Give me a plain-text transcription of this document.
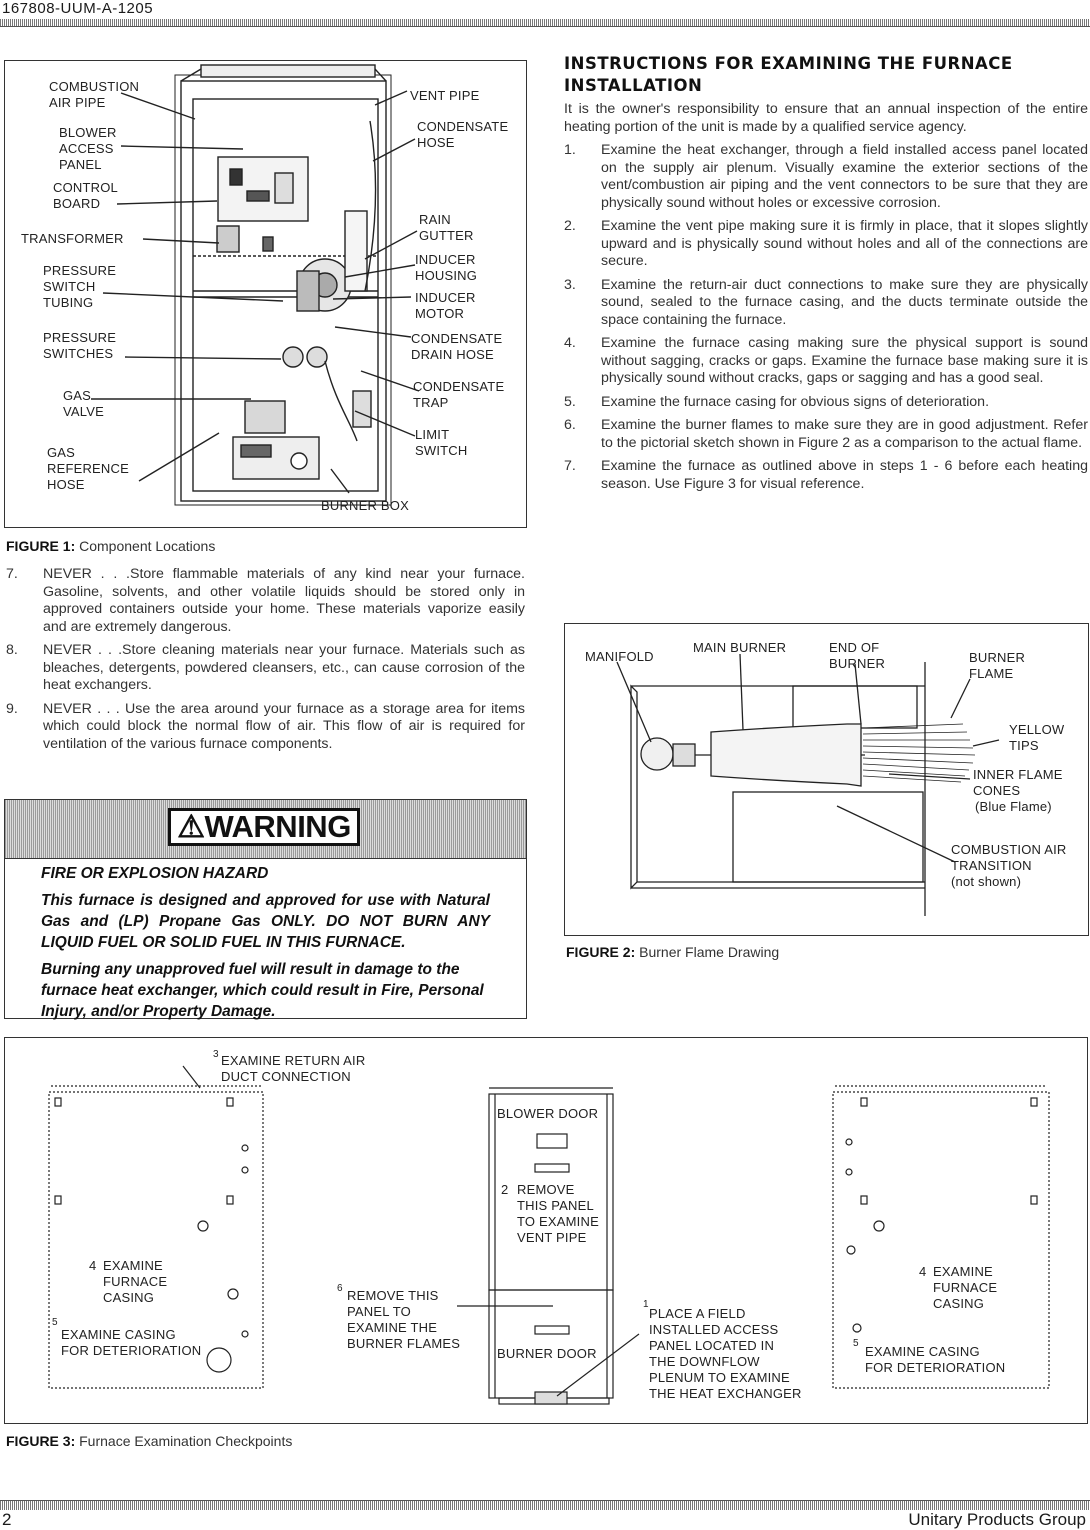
167808-UUM-A-1205
2	Unitary Products Group
COMBUSTION
AIR PIPE
BLOWER
ACCESS
PANEL
CONTROL
BOARD
TRANSFORMER
PRESSURE
SWITCH
TUBING
PRESSURE
SWITCHES
GAS
VALVE
GAS
REFERENCE
HOSE
VENT PIPE
CONDENSATE
HOSE
RAIN
GUTTER
INDUCER
HOUSING
INDUCER
MOTOR
CONDENSATE
DRAIN HOSE
CONDENSATE
TRAP
LIMIT
SWITCH
BURNER BOX
FIGURE 1: Component Locations
7. NEVER . . .Store flammable materials of any kind near your furnace. Gasoline, solvents, and other volatile liquids should be stored only in approved containers outside your home. These materials vaporize easily and are extremely dangerous.
8. NEVER . . .Store cleaning materials near your furnace. Materials such as bleaches, detergents, powdered cleansers, etc., can cause corrosion of the heat exchangers.
9. NEVER . . . Use the area around your furnace as a storage area for items which could block the normal flow of air. This flow of air is required for ventilation of the various furnace components.
⚠WARNING

FIRE OR EXPLOSION HAZARD

This furnace is designed and approved for use with Natural Gas and (LP) Propane Gas ONLY. DO NOT BURN ANY LIQUID FUEL OR SOLID FUEL IN THIS FURNACE.

Burning any unapproved fuel will result in damage to the furnace heat exchanger, which could result in Fire, Personal Injury, and/or Property Damage.

INSTRUCTIONS FOR EXAMINING THE FURNACE INSTALLATION
It is the owner's responsibility to ensure that an annual inspection of the entire heating portion of the unit is made by a qualified service agency.
1. Examine the heat exchanger, through a field installed access panel located on the supply air plenum. Visually examine the exterior sections of the vent/combustion air piping and the vent connectors to be sure that they are physically sound without holes or excessive corrosion.
2. Examine the vent pipe making sure it is firmly in place, that it slopes slightly upward and is physically sound without holes and all of the connections are secure.
3. Examine the return-air duct connections to make sure they are physically sound, sealed to the furnace casing, and the ducts terminate outside the space containing the furnace.
4. Examine the furnace casing making sure the physical support is sound without sagging, cracks or gaps. Examine the furnace base making sure it is physically sound without cracks, gaps or sagging and has a good seal.
5. Examine the furnace casing for obvious signs of deterioration.
6. Examine the burner flames to make sure they are in good adjustment. Refer to the pictorial sketch shown in Figure 2 as a comparison to the actual flame.
7. Examine the furnace as outlined above in steps 1 - 6 before each heating season. Use Figure 3 for visual reference.
MANIFOLD
MAIN BURNER	END OF
BURNER	BURNER
FLAME
YELLOW
TIPS
INNER FLAME
CONES
(Blue Flame)
COMBUSTION AIR
TRANSITION
(not shown)
FIGURE 2: Burner Flame Drawing
3 EXAMINE RETURN AIR
DUCT CONNECTION
4 EXAMINE
FURNACE
CASING
5
EXAMINE CASING
FOR DETERIORATION
BLOWER DOOR
2 REMOVE
THIS PANEL
TO EXAMINE
VENT PIPE
6 REMOVE THIS
PANEL TO
EXAMINE THE
BURNER FLAMES
BURNER DOOR
1
PLACE A FIELD
INSTALLED ACCESS
PANEL LOCATED IN
THE DOWNFLOW
PLENUM TO EXAMINE
THE HEAT EXCHANGER
4 EXAMINE
FURNACE
CASING
5
EXAMINE CASING
FOR DETERIORATION
FIGURE 3: Furnace Examination Checkpoints
